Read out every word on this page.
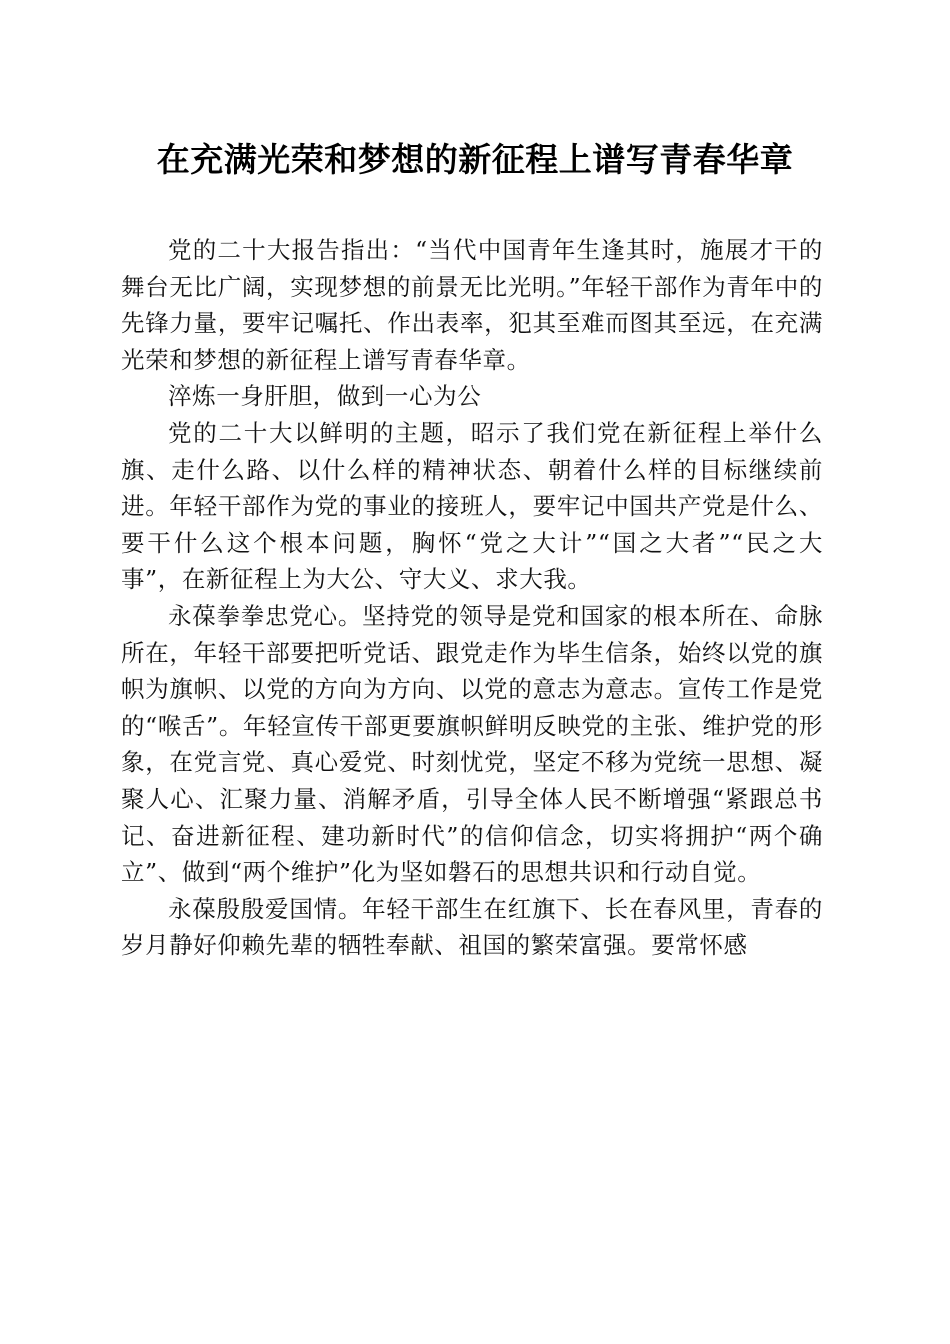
在充满光荣和梦想的新征程上谱写青春华章

党的二十大报告指出：“当代中国青年生逢其时，施展才干的舞台无比广阔，实现梦想的前景无比光明。”年轻干部作为青年中的先锋力量，要牢记嘱托、作出表率，犯其至难而图其至远，在充满光荣和梦想的新征程上谱写青春华章。

淬炼一身肝胆，做到一心为公

党的二十大以鲜明的主题，昭示了我们党在新征程上举什么旗、走什么路、以什么样的精神状态、朝着什么样的目标继续前进。年轻干部作为党的事业的接班人，要牢记中国共产党是什么、要干什么这个根本问题，胸怀“党之大计”“国之大者”“民之大事”，在新征程上为大公、守大义、求大我。

永葆拳拳忠党心。坚持党的领导是党和国家的根本所在、命脉所在，年轻干部要把听党话、跟党走作为毕生信条，始终以党的旗帜为旗帜、以党的方向为方向、以党的意志为意志。宣传工作是党的“喉舌”。年轻宣传干部更要旗帜鲜明反映党的主张、维护党的形象，在党言党、真心爱党、时刻忧党，坚定不移为党统一思想、凝聚人心、汇聚力量、消解矛盾，引导全体人民不断增强“紧跟总书记、奋进新征程、建功新时代”的信仰信念，切实将拥护“两个确立”、做到“两个维护”化为坚如磐石的思想共识和行动自觉。

永葆殷殷爱国情。年轻干部生在红旗下、长在春风里，青春的岁月静好仰赖先辈的牺牲奉献、祖国的繁荣富强。要常怀感
